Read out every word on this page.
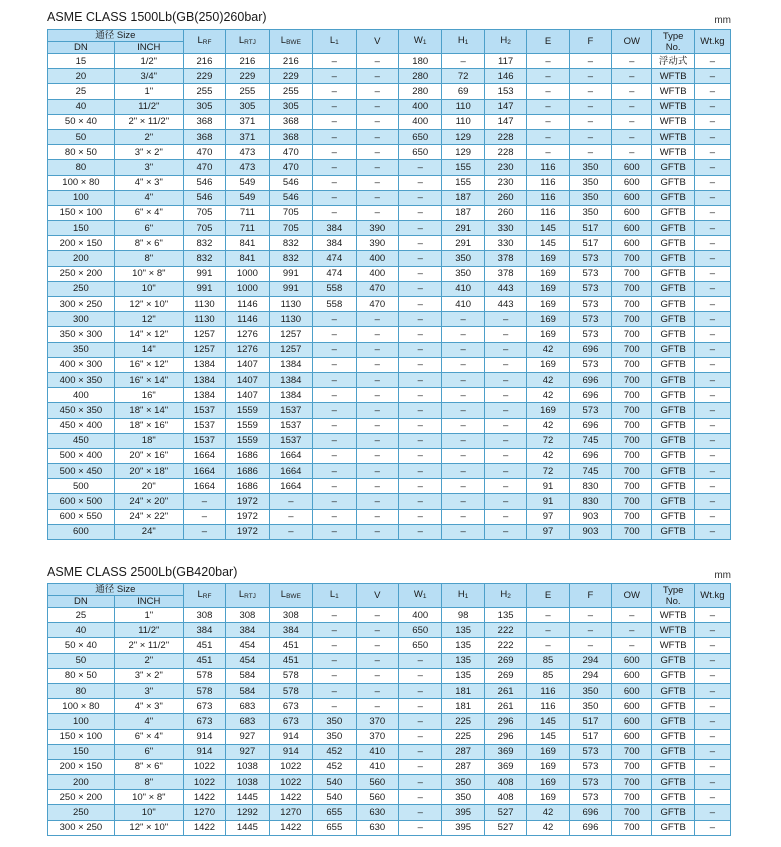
ASME CLASS 1500Lb(GB(250)260bar)	mm
通径 Size		LRF	LRTJ	LBWE	L1	V	W1	H1	H2	E	F	OW	Type
No.	Wt.kg
DN	INCH													
15	1/2"	216	216	216	–	–	180	–	117	–	–	–	浮动式	–
20	3/4"	229	229	229	–	–	280	72	146	–	–	–	WFTB	–
25	1"	255	255	255	–	–	280	69	153	–	–	–	WFTB	–
40	11/2"	305	305	305	–	–	400	110	147	–	–	–	WFTB	–
50 × 40	2" × 11/2"	368	371	368	–	–	400	110	147	–	–	–	WFTB	–
50	2"	368	371	368	–	–	650	129	228	–	–	–	WFTB	–
80 × 50	3" × 2"	470	473	470	–	–	650	129	228	–	–	–	WFTB	–
80	3"	470	473	470	–	–	–	155	230	116	350	600	GFTB	–
100 × 80	4" × 3"	546	549	546	–	–	–	155	230	116	350	600	GFTB	–
100	4"	546	549	546	–	–	–	187	260	116	350	600	GFTB	–
150 × 100	6" × 4"	705	711	705	–	–	–	187	260	116	350	600	GFTB	–
150	6"	705	711	705	384	390	–	291	330	145	517	600	GFTB	–
200 × 150	8" × 6"	832	841	832	384	390	–	291	330	145	517	600	GFTB	–
200	8"	832	841	832	474	400	–	350	378	169	573	700	GFTB	–
250 × 200	10" × 8"	991	1000	991	474	400	–	350	378	169	573	700	GFTB	–
250	10"	991	1000	991	558	470	–	410	443	169	573	700	GFTB	–
300 × 250	12" × 10"	1130	1146	1130	558	470	–	410	443	169	573	700	GFTB	–
300	12"	1130	1146	1130	–	–	–	–	–	169	573	700	GFTB	–
350 × 300	14" × 12"	1257	1276	1257	–	–	–	–	–	169	573	700	GFTB	–
350	14"	1257	1276	1257	–	–	–	–	–	42	696	700	GFTB	–
400 × 300	16" × 12"	1384	1407	1384	–	–	–	–	–	169	573	700	GFTB	–
400 × 350	16" × 14"	1384	1407	1384	–	–	–	–	–	42	696	700	GFTB	–
400	16"	1384	1407	1384	–	–	–	–	–	42	696	700	GFTB	–
450 × 350	18" × 14"	1537	1559	1537	–	–	–	–	–	169	573	700	GFTB	–
450 × 400	18" × 16"	1537	1559	1537	–	–	–	–	–	42	696	700	GFTB	–
450	18"	1537	1559	1537	–	–	–	–	–	72	745	700	GFTB	–
500 × 400	20" × 16"	1664	1686	1664	–	–	–	–	–	42	696	700	GFTB	–
500 × 450	20" × 18"	1664	1686	1664	–	–	–	–	–	72	745	700	GFTB	–
500	20"	1664	1686	1664	–	–	–	–	–	91	830	700	GFTB	–
600 × 500	24" × 20"	–	1972	–	–	–	–	–	–	91	830	700	GFTB	–
600 × 550	24" × 22"	–	1972	–	–	–	–	–	–	97	903	700	GFTB	–
600	24"	–	1972	–	–	–	–	–	–	97	903	700	GFTB	–
ASME CLASS 2500Lb(GB420bar)	mm
通径 Size		LRF	LRTJ	LBWE	L1	V	W1	H1	H2	E	F	OW	Type
No.	Wt.kg
DN	INCH													
25	1"	308	308	308	–	–	400	98	135	–	–	–	WFTB	–
40	11/2"	384	384	384	–	–	650	135	222	–	–	–	WFTB	–
50 × 40	2" × 11/2"	451	454	451	–	–	650	135	222	–	–	–	WFTB	–
50	2"	451	454	451	–	–	–	135	269	85	294	600	GFTB	–
80 × 50	3" × 2"	578	584	578	–	–	–	135	269	85	294	600	GFTB	–
80	3"	578	584	578	–	–	–	181	261	116	350	600	GFTB	–
100 × 80	4" × 3"	673	683	673	–	–	–	181	261	116	350	600	GFTB	–
100	4"	673	683	673	350	370	–	225	296	145	517	600	GFTB	–
150 × 100	6" × 4"	914	927	914	350	370	–	225	296	145	517	600	GFTB	–
150	6"	914	927	914	452	410	–	287	369	169	573	700	GFTB	–
200 × 150	8" × 6"	1022	1038	1022	452	410	–	287	369	169	573	700	GFTB	–
200	8"	1022	1038	1022	540	560	–	350	408	169	573	700	GFTB	–
250 × 200	10" × 8"	1422	1445	1422	540	560	–	350	408	169	573	700	GFTB	–
250	10"	1270	1292	1270	655	630	–	395	527	42	696	700	GFTB	–
300 × 250	12" × 10"	1422	1445	1422	655	630	–	395	527	42	696	700	GFTB	–
